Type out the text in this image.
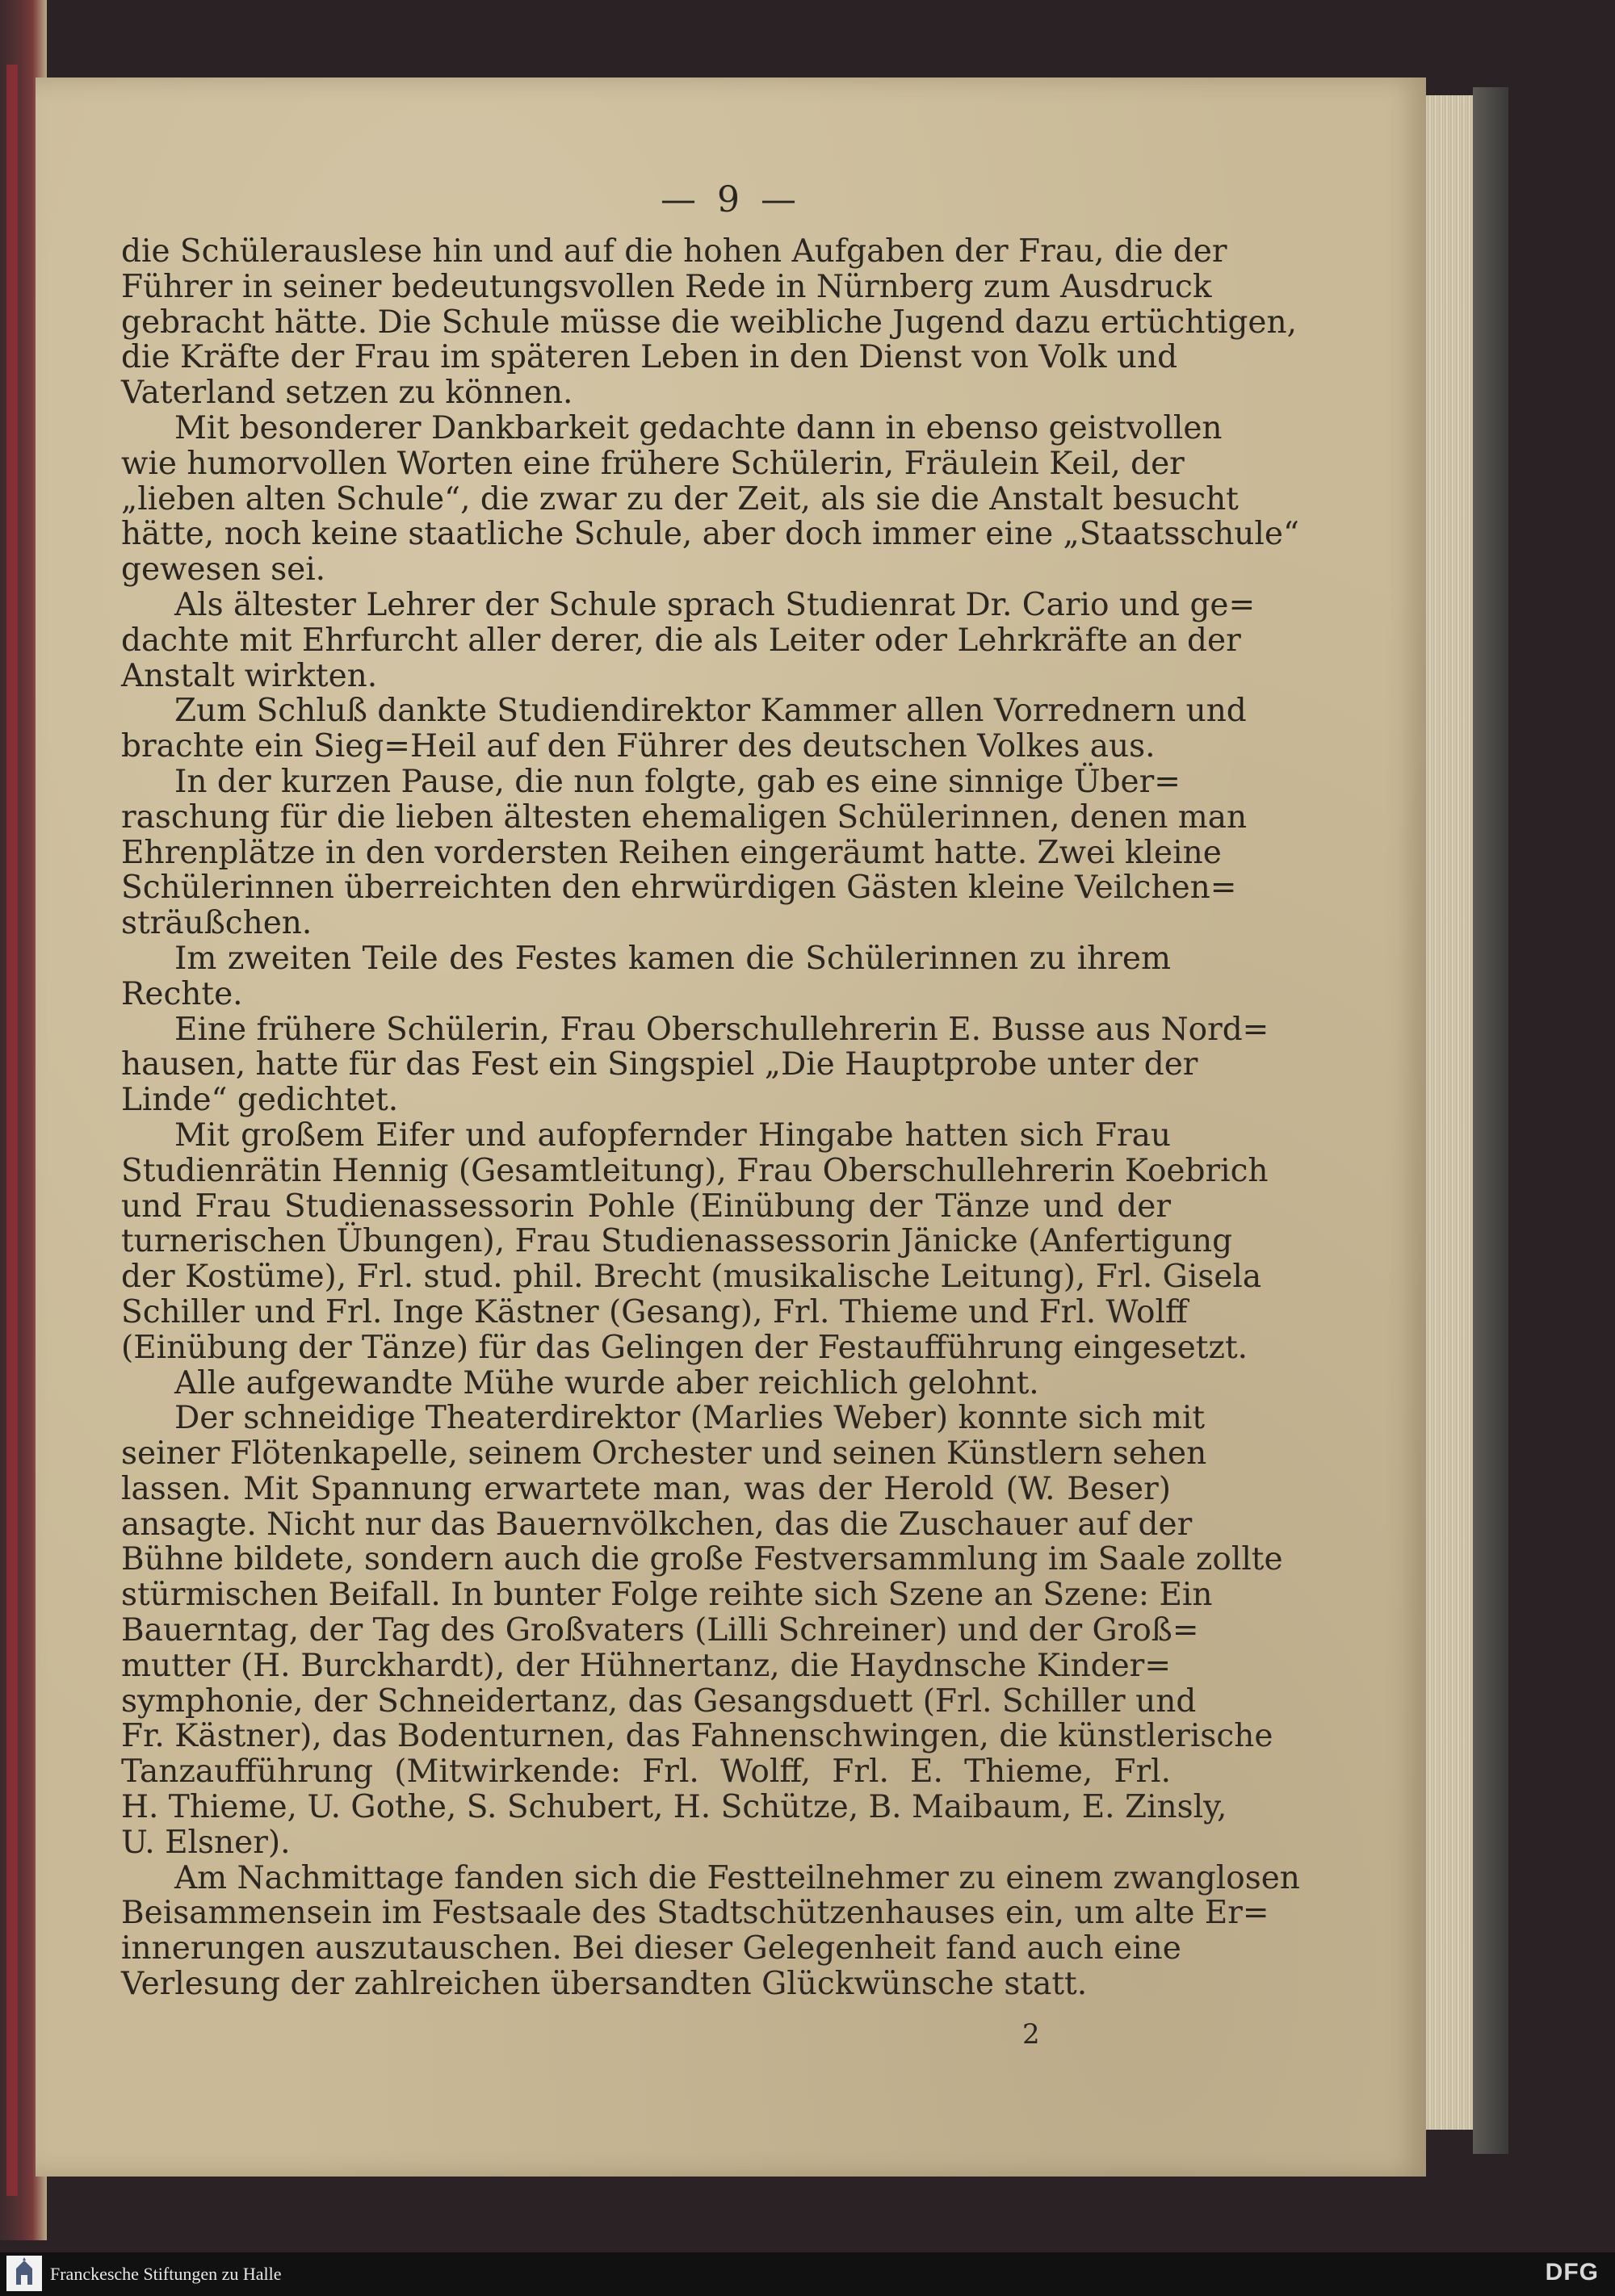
— 9 —
die Schülerauslese hin und auf die hohen Aufgaben der Frau, die der
Führer in seiner bedeutungsvollen Rede in Nürnberg zum Ausdruck
gebracht hätte. Die Schule müsse die weibliche Jugend dazu ertüchtigen,
die Kräfte der Frau im späteren Leben in den Dienst von Volk und
Vaterland setzen zu können.
Mit besonderer Dankbarkeit gedachte dann in ebenso geistvollen
wie humorvollen Worten eine frühere Schülerin, Fräulein Keil, der
„lieben alten Schule“, die zwar zu der Zeit, als sie die Anstalt besucht
hätte, noch keine staatliche Schule, aber doch immer eine „Staatsschule“
gewesen sei.
Als ältester Lehrer der Schule sprach Studienrat Dr. Cario und ge=
dachte mit Ehrfurcht aller derer, die als Leiter oder Lehrkräfte an der
Anstalt wirkten.
Zum Schluß dankte Studiendirektor Kammer allen Vorrednern und
brachte ein Sieg=Heil auf den Führer des deutschen Volkes aus.
In der kurzen Pause, die nun folgte, gab es eine sinnige Über=
raschung für die lieben ältesten ehemaligen Schülerinnen, denen man
Ehrenplätze in den vordersten Reihen eingeräumt hatte. Zwei kleine
Schülerinnen überreichten den ehrwürdigen Gästen kleine Veilchen=
sträußchen.
Im zweiten Teile des Festes kamen die Schülerinnen zu ihrem
Rechte.
Eine frühere Schülerin, Frau Oberschullehrerin E. Busse aus Nord=
hausen, hatte für das Fest ein Singspiel „Die Hauptprobe unter der
Linde“ gedichtet.
Mit großem Eifer und aufopfernder Hingabe hatten sich Frau
Studienrätin Hennig (Gesamtleitung), Frau Oberschullehrerin Koebrich
und Frau Studienassessorin Pohle (Einübung der Tänze und der
turnerischen Übungen), Frau Studienassessorin Jänicke (Anfertigung
der Kostüme), Frl. stud. phil. Brecht (musikalische Leitung), Frl. Gisela
Schiller und Frl. Inge Kästner (Gesang), Frl. Thieme und Frl. Wolff
(Einübung der Tänze) für das Gelingen der Festaufführung eingesetzt.
Alle aufgewandte Mühe wurde aber reichlich gelohnt.
Der schneidige Theaterdirektor (Marlies Weber) konnte sich mit
seiner Flötenkapelle, seinem Orchester und seinen Künstlern sehen
lassen. Mit Spannung erwartete man, was der Herold (W. Beser)
ansagte. Nicht nur das Bauernvölkchen, das die Zuschauer auf der
Bühne bildete, sondern auch die große Festversammlung im Saale zollte
stürmischen Beifall. In bunter Folge reihte sich Szene an Szene: Ein
Bauerntag, der Tag des Großvaters (Lilli Schreiner) und der Groß=
mutter (H. Burckhardt), der Hühnertanz, die Haydnsche Kinder=
symphonie, der Schneidertanz, das Gesangsduett (Frl. Schiller und
Fr. Kästner), das Bodenturnen, das Fahnenschwingen, die künstlerische
Tanzaufführung (Mitwirkende: Frl. Wolff, Frl. E. Thieme, Frl.
H. Thieme, U. Gothe, S. Schubert, H. Schütze, B. Maibaum, E. Zinsly,
U. Elsner).
Am Nachmittage fanden sich die Festteilnehmer zu einem zwanglosen
Beisammensein im Festsaale des Stadtschützenhauses ein, um alte Er=
innerungen auszutauschen. Bei dieser Gelegenheit fand auch eine
Verlesung der zahlreichen übersandten Glückwünsche statt.
2
Franckesche Stiftungen zu Halle	DFG
